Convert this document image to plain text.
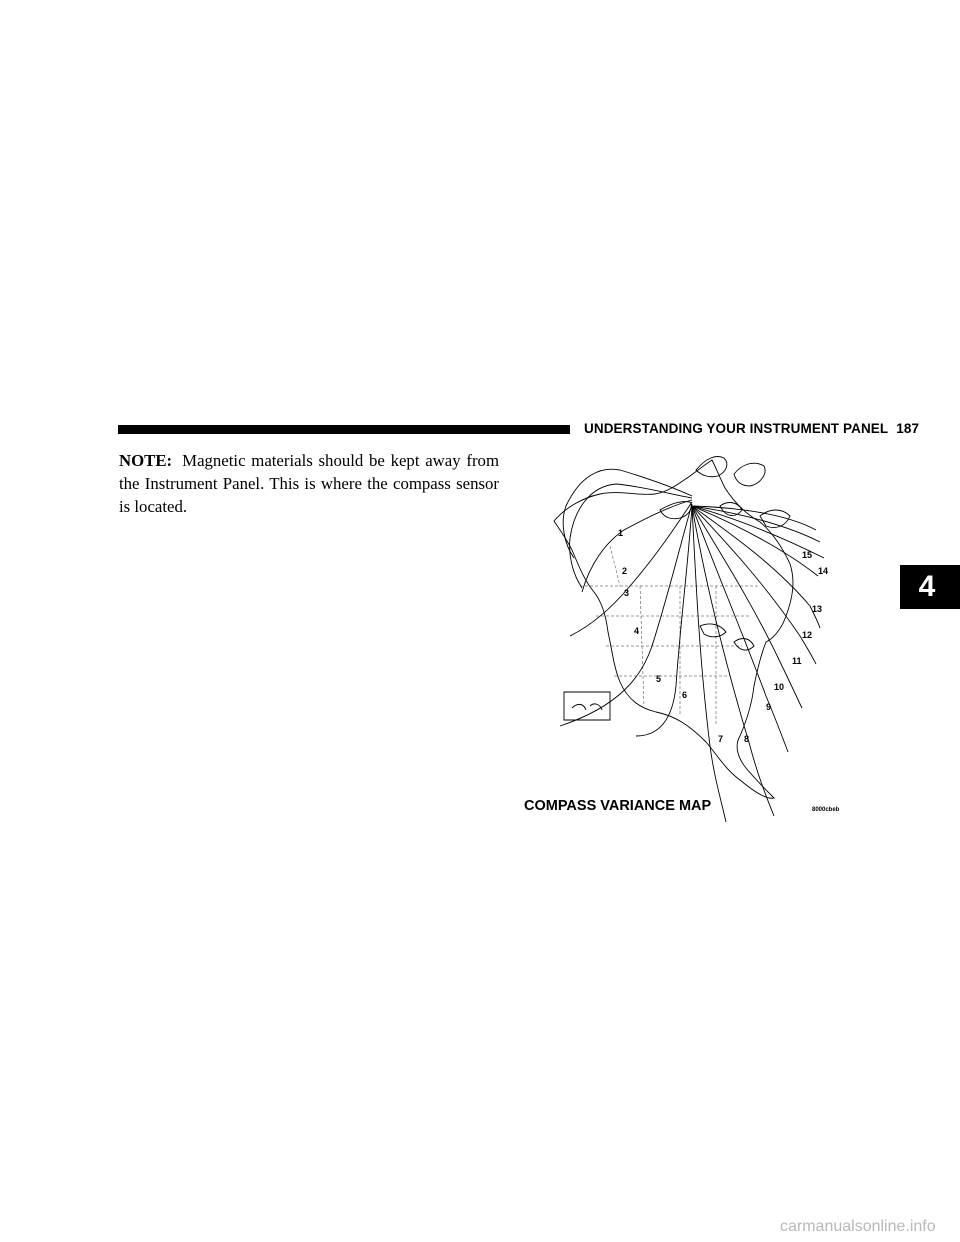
UNDERSTANDING YOUR INSTRUMENT PANEL 187
4
NOTE: Magnetic materials should be kept away from the Instrument Panel. This is where the compass sensor is located.
1
2
3
4
5
6
7 8
9
10
11
12
13
14
15
COMPASS VARIANCE MAP	8000cbeb
carmanualsonline.info
